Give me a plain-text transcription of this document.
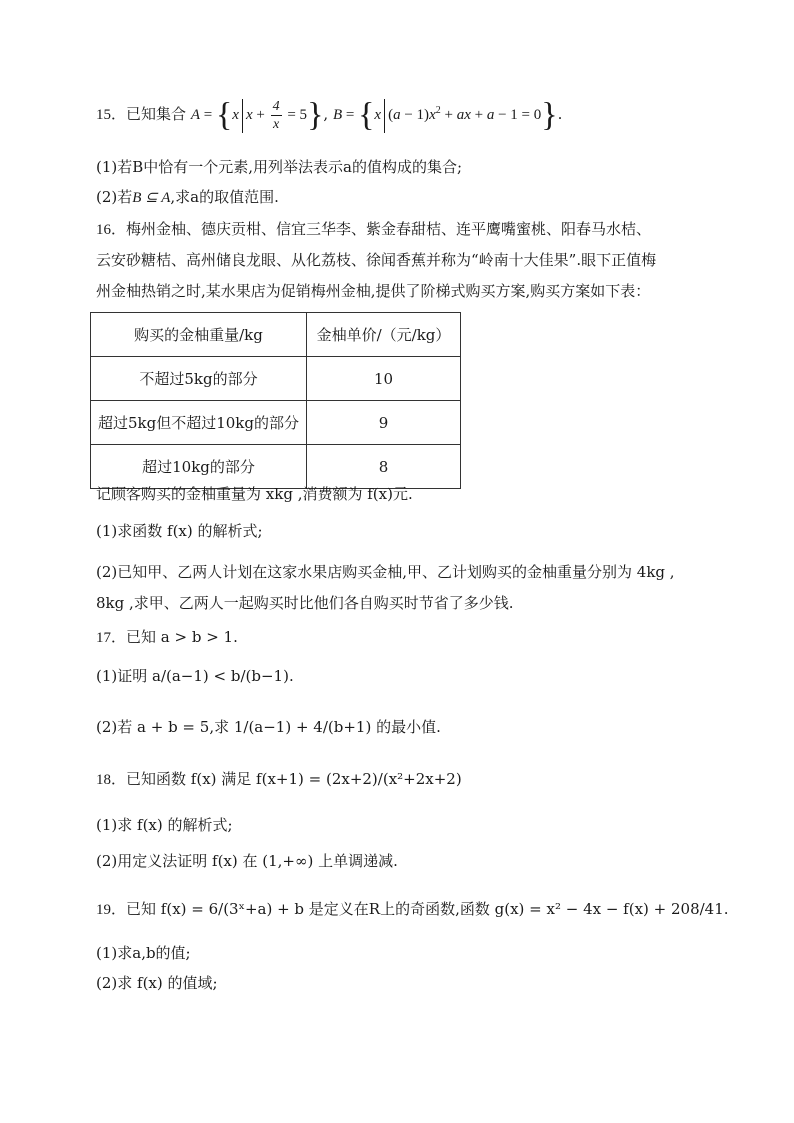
15．已知集合 A = {x $x + \frac{4}{x} = 5$}, B = {x $(a - 1)x^2$ + ax + a − 1 = 0}.
(1)若B中恰有一个元素,用列举法表示a的值构成的集合;
(2)若B ⊆ A,求a的取值范围.
16．梅州金柚、德庆贡柑、信宜三华李、紫金春甜桔、连平鹰嘴蜜桃、阳春马水桔、
云安砂糖桔、高州储良龙眼、从化荔枝、徐闻香蕉并称为“岭南十大佳果”.眼下正值梅
州金柚热销之时,某水果店为促销梅州金柚,提供了阶梯式购买方案,购买方案如下表：
购买的金柚重量/kg	金柚单价/（元/kg）
不超过5kg的部分	10
超过5kg但不超过10kg的部分	9
超过10kg的部分	8
记顾客购买的金柚重量为 xkg ,消费额为 f(x)元.
(1)求函数 f(x) 的解析式;
(2)已知甲、乙两人计划在这家水果店购买金柚,甲、乙计划购买的金柚重量分别为 4kg ,
8kg ,求甲、乙两人一起购买时比他们各自购买时节省了多少钱.
17．已知 a > b > 1.
(1)证明 a/(a−1) < b/(b−1).
(2)若 a + b = 5,求 1/(a−1) + 4/(b+1) 的最小值.
18．已知函数 f(x) 满足 f(x+1) = (2x+2)/(x²+2x+2)
(1)求 f(x) 的解析式;
(2)用定义法证明 f(x) 在 (1,+∞) 上单调递减.
19．已知 f(x) = 6/(3ˣ+a) + b 是定义在R上的奇函数,函数 g(x) = x² − 4x − f(x) + 208/41.
(1)求a,b的值;
(2)求 f(x) 的值域;
